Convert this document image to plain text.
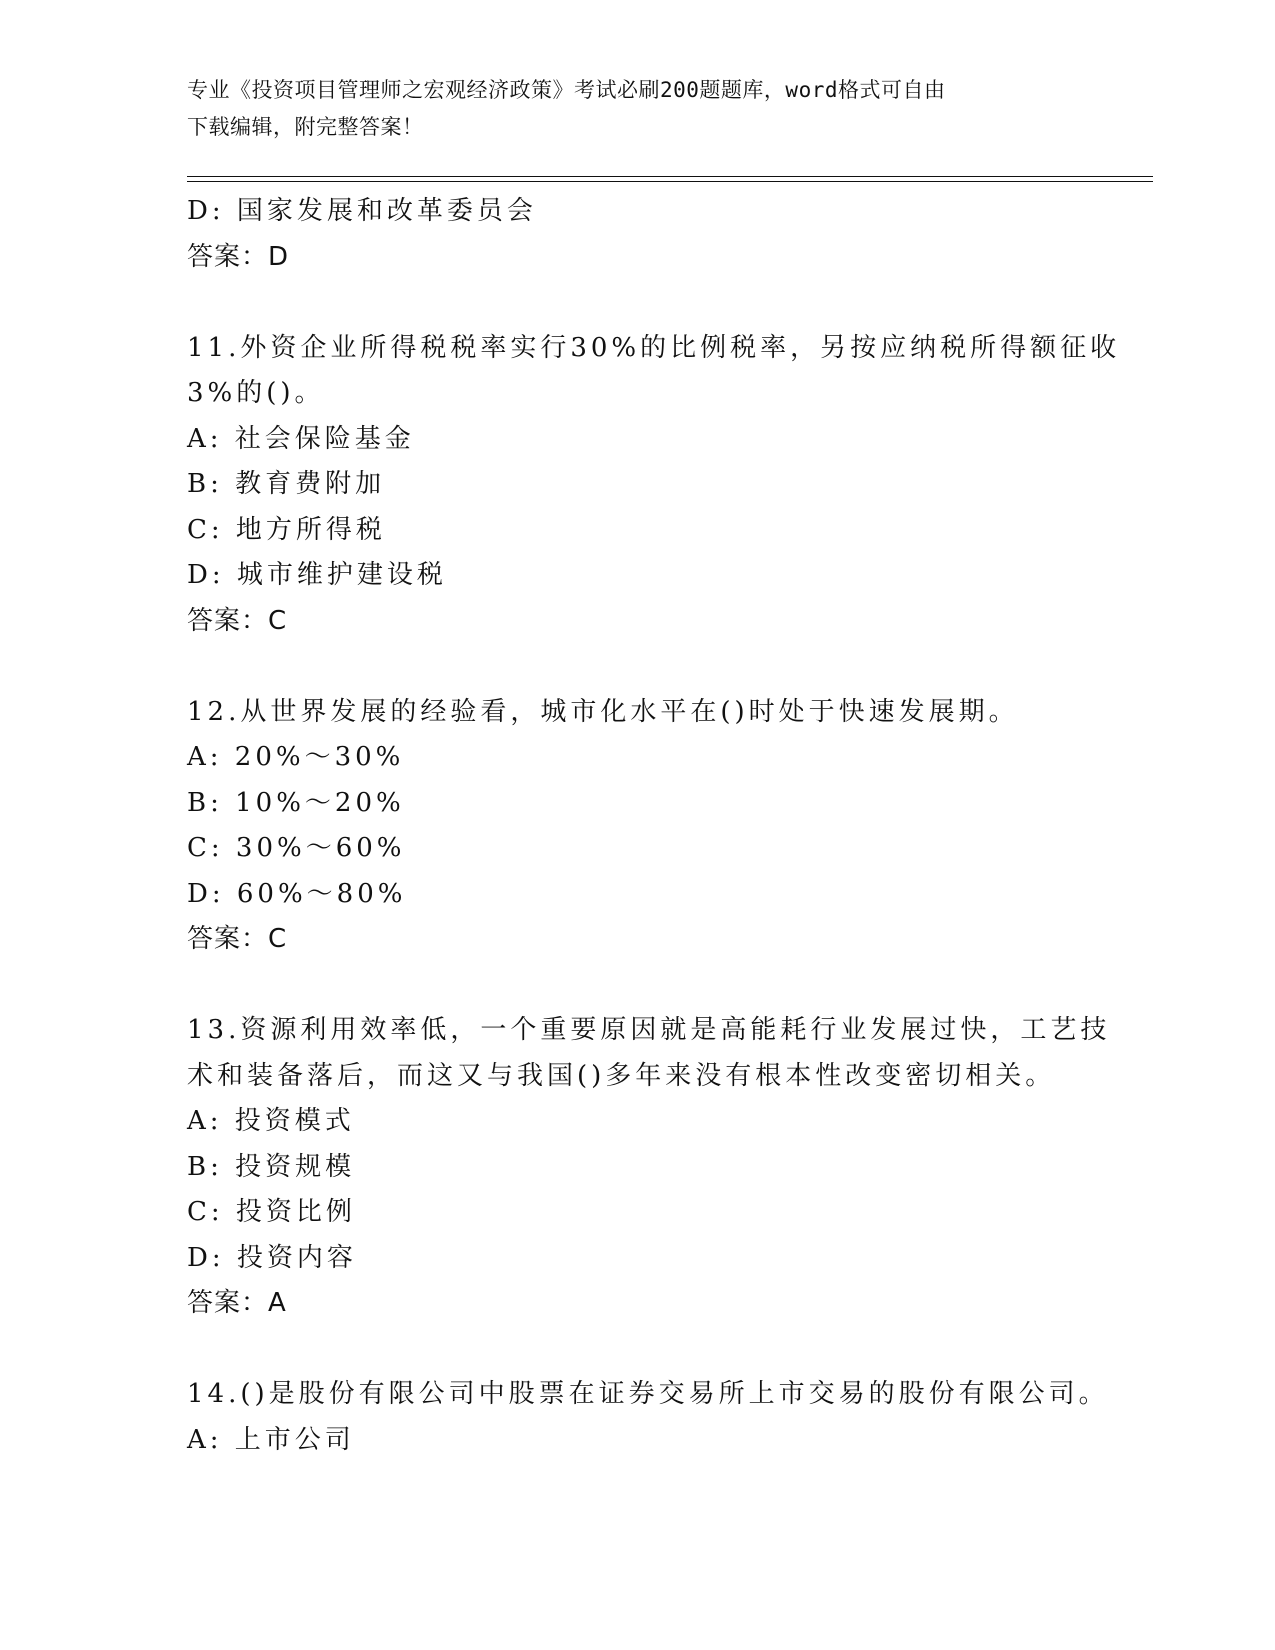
专业《投资项目管理师之宏观经济政策》考试必刷200题题库，word格式可自由
下载编辑，附完整答案！
D: 国家发展和改革委员会
答案：D
11.外资企业所得税税率实行30%的比例税率，另按应纳税所得额征收
3%的()。
A: 社会保险基金
B: 教育费附加
C: 地方所得税
D: 城市维护建设税
答案：C
12.从世界发展的经验看，城市化水平在()时处于快速发展期。
A: 20%～30%
B: 10%～20%
C: 30%～60%
D: 60%～80%
答案：C
13.资源利用效率低，一个重要原因就是高能耗行业发展过快，工艺技
术和装备落后，而这又与我国()多年来没有根本性改变密切相关。
A: 投资模式
B: 投资规模
C: 投资比例
D: 投资内容
答案：A
14.()是股份有限公司中股票在证券交易所上市交易的股份有限公司。
A: 上市公司
